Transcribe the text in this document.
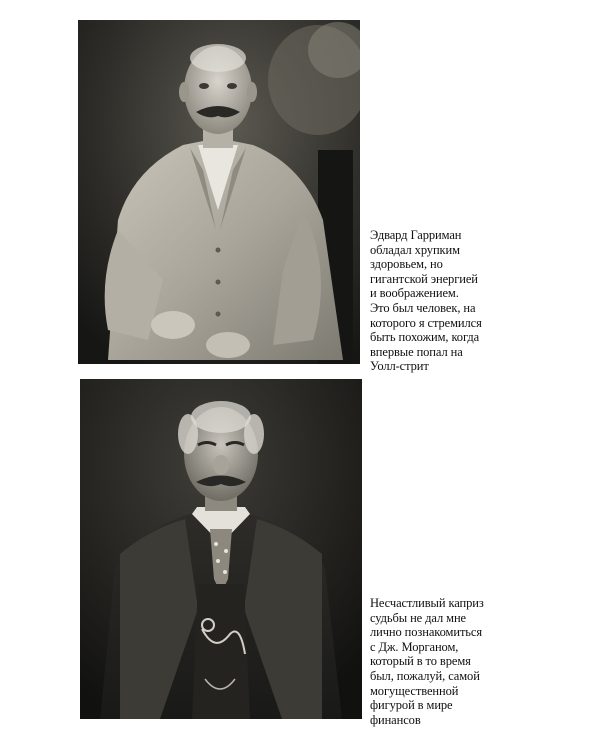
Эдвард Гарриман
обладал хрупким
здоровьем, но
гигантской энергией
и воображением.
Это был человек, на
которого я стремился
быть похожим, когда
впервые попал на
Уолл-стрит
Несчастливый каприз
судьбы не дал мне
лично познакомиться
с Дж. Морганом,
который в то время
был, пожалуй, самой
могущественной
фигурой в мире
финансов
